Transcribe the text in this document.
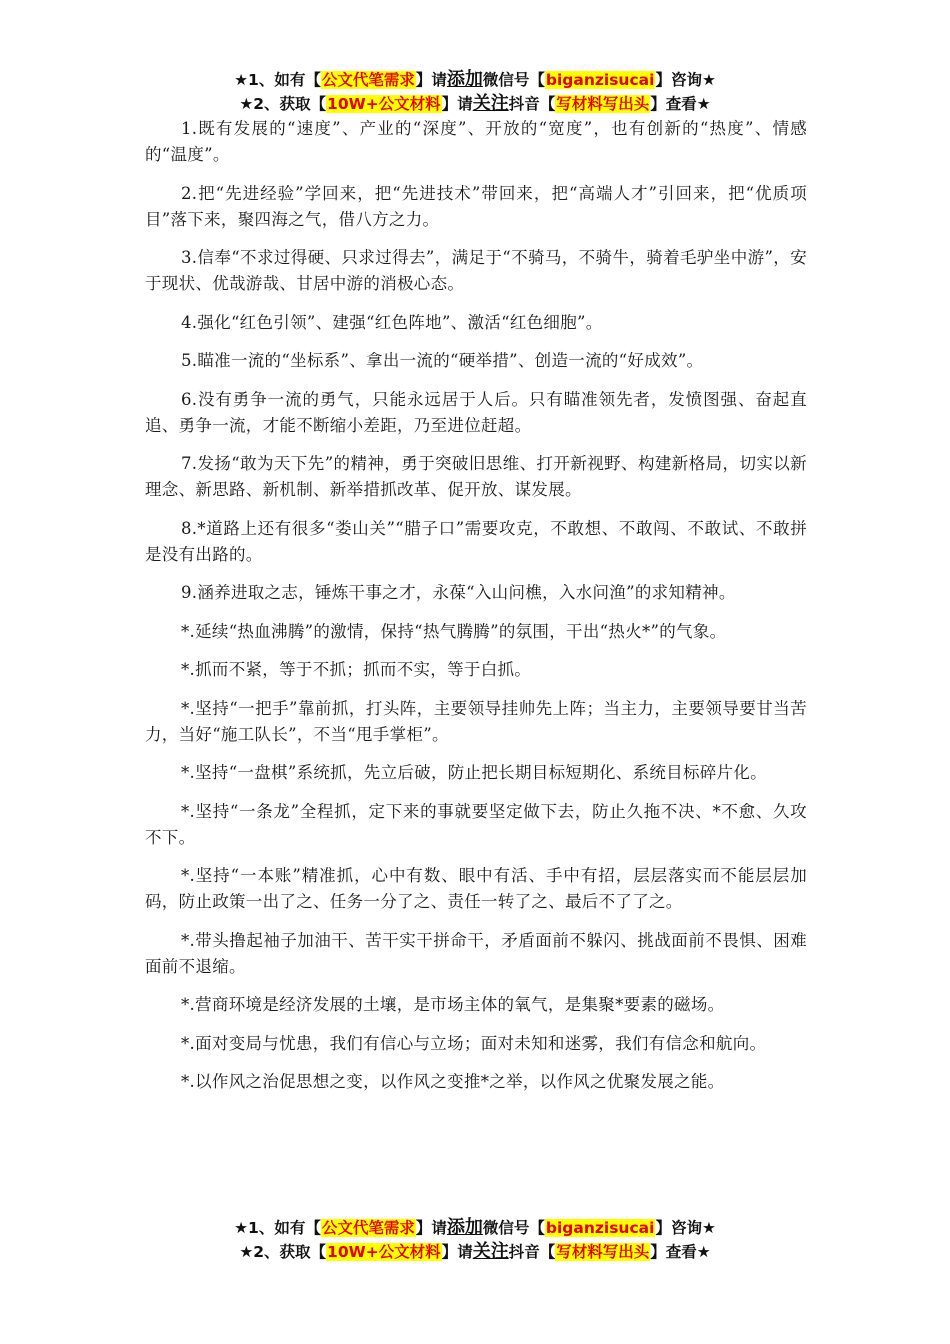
★1、如有【公文代笔需求】请添加微信号【biganzisucai】咨询★
★2、获取【10W+公文材料】请关注抖音【写材料写出头】查看★

1.既有发展的“速度”、产业的“深度”、开放的“宽度”，也有创新的“热度”、情感的“温度”。

2.把“先进经验”学回来，把“先进技术”带回来，把“高端人才”引回来，把“优质项目”落下来，聚四海之气，借八方之力。

3.信奉“不求过得硬、只求过得去”，满足于“不骑马，不骑牛，骑着毛驴坐中游”，安于现状、优哉游哉、甘居中游的消极心态。

4.强化“红色引领”、建强“红色阵地”、激活“红色细胞”。

5.瞄准一流的“坐标系”、拿出一流的“硬举措”、创造一流的“好成效”。

6.没有勇争一流的勇气，只能永远居于人后。只有瞄准领先者，发愤图强、奋起直追、勇争一流，才能不断缩小差距，乃至进位赶超。

7.发扬“敢为天下先”的精神，勇于突破旧思维、打开新视野、构建新格局，切实以新理念、新思路、新机制、新举措抓改革、促开放、谋发展。

8.*道路上还有很多“娄山关”“腊子口”需要攻克，不敢想、不敢闯、不敢试、不敢拼是没有出路的。

9.涵养进取之志，锤炼干事之才，永葆“入山问樵，入水问渔”的求知精神。

*.延续“热血沸腾”的激情，保持“热气腾腾”的氛围，干出“热火*”的气象。

*.抓而不紧，等于不抓；抓而不实，等于白抓。

*.坚持“一把手”靠前抓，打头阵，主要领导挂帅先上阵；当主力，主要领导要甘当苦力，当好“施工队长”，不当“甩手掌柜”。

*.坚持“一盘棋”系统抓，先立后破，防止把长期目标短期化、系统目标碎片化。

*.坚持“一条龙”全程抓，定下来的事就要坚定做下去，防止久拖不决、*不愈、久攻不下。

*.坚持“一本账”精准抓，心中有数、眼中有活、手中有招，层层落实而不能层层加码，防止政策一出了之、任务一分了之、责任一转了之、最后不了了之。

*.带头撸起袖子加油干、苦干实干拼命干，矛盾面前不躲闪、挑战面前不畏惧、困难面前不退缩。

*.营商环境是经济发展的土壤，是市场主体的氧气，是集聚*要素的磁场。

*.面对变局与忧患，我们有信心与立场；面对未知和迷雾，我们有信念和航向。

*.以作风之治促思想之变，以作风之变推*之举，以作风之优聚发展之能。

★1、如有【公文代笔需求】请添加微信号【biganzisucai】咨询★
★2、获取【10W+公文材料】请关注抖音【写材料写出头】查看★
